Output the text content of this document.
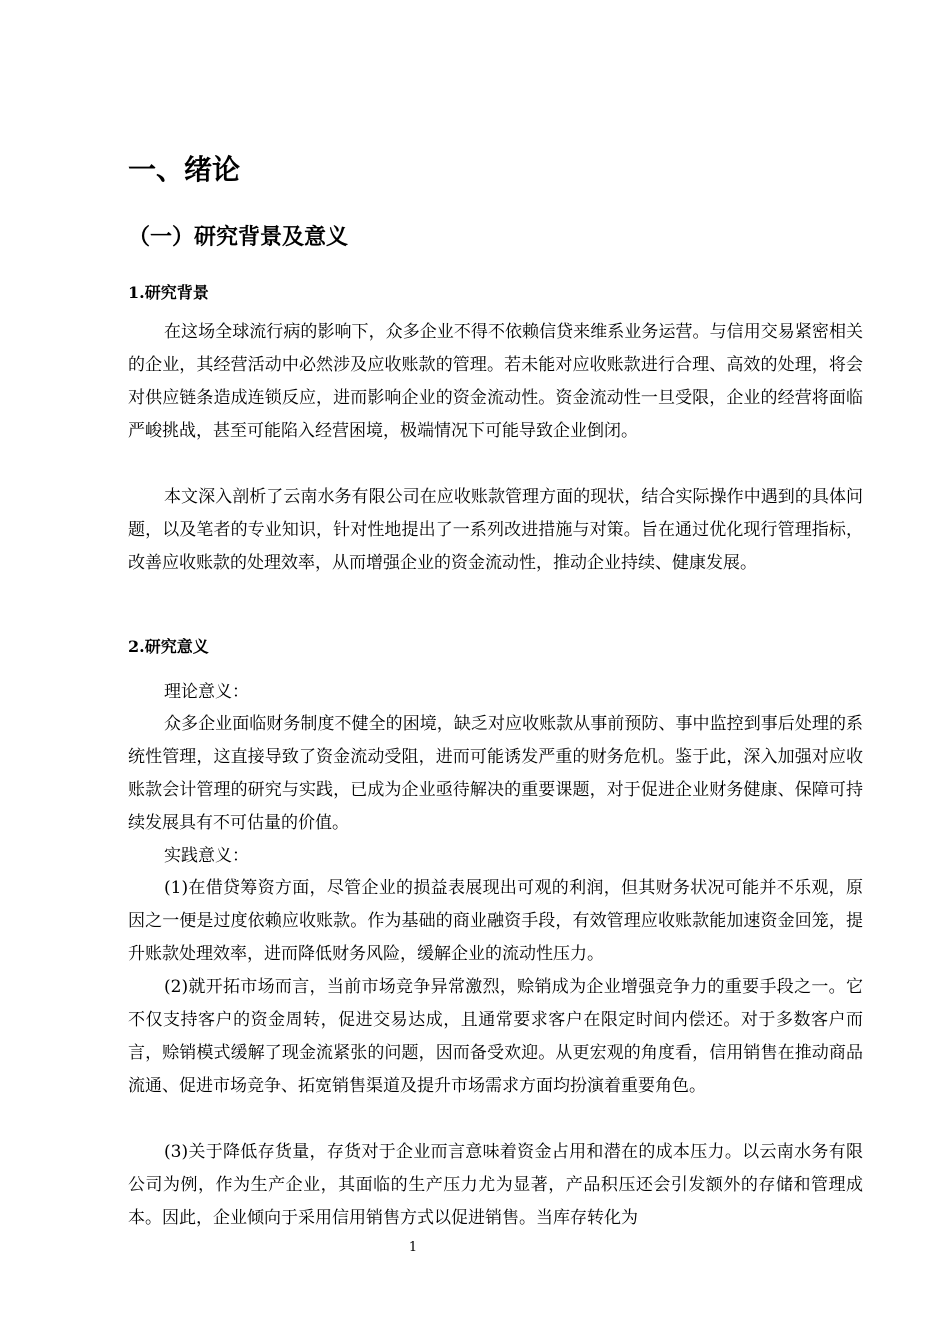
一、绪论
（一）研究背景及意义
1.研究背景

在这场全球流行病的影响下，众多企业不得不依赖信贷来维系业务运营。与信用交易紧密相关的企业，其经营活动中必然涉及应收账款的管理。若未能对应收账款进行合理、高效的处理，将会对供应链条造成连锁反应，进而影响企业的资金流动性。资金流动性一旦受限，企业的经营将面临严峻挑战，甚至可能陷入经营困境，极端情况下可能导致企业倒闭。

本文深入剖析了云南水务有限公司在应收账款管理方面的现状，结合实际操作中遇到的具体问题，以及笔者的专业知识，针对性地提出了一系列改进措施与对策。旨在通过优化现行管理指标，改善应收账款的处理效率，从而增强企业的资金流动性，推动企业持续、健康发展。

2.研究意义

理论意义：

众多企业面临财务制度不健全的困境，缺乏对应收账款从事前预防、事中监控到事后处理的系统性管理，这直接导致了资金流动受阻，进而可能诱发严重的财务危机。鉴于此，深入加强对应收账款会计管理的研究与实践，已成为企业亟待解决的重要课题，对于促进企业财务健康、保障可持续发展具有不可估量的价值。

实践意义：

(1)在借贷筹资方面，尽管企业的损益表展现出可观的利润，但其财务状况可能并不乐观，原因之一便是过度依赖应收账款。作为基础的商业融资手段，有效管理应收账款能加速资金回笼，提升账款处理效率，进而降低财务风险，缓解企业的流动性压力。

(2)就开拓市场而言，当前市场竞争异常激烈，赊销成为企业增强竞争力的重要手段之一。它不仅支持客户的资金周转，促进交易达成，且通常要求客户在限定时间内偿还。对于多数客户而言，赊销模式缓解了现金流紧张的问题，因而备受欢迎。从更宏观的角度看，信用销售在推动商品流通、促进市场竞争、拓宽销售渠道及提升市场需求方面均扮演着重要角色。

(3)关于降低存货量，存货对于企业而言意味着资金占用和潜在的成本压力。以云南水务有限公司为例，作为生产企业，其面临的生产压力尤为显著，产品积压还会引发额外的存储和管理成本。因此，企业倾向于采用信用销售方式以促进销售。当库存转化为

1
